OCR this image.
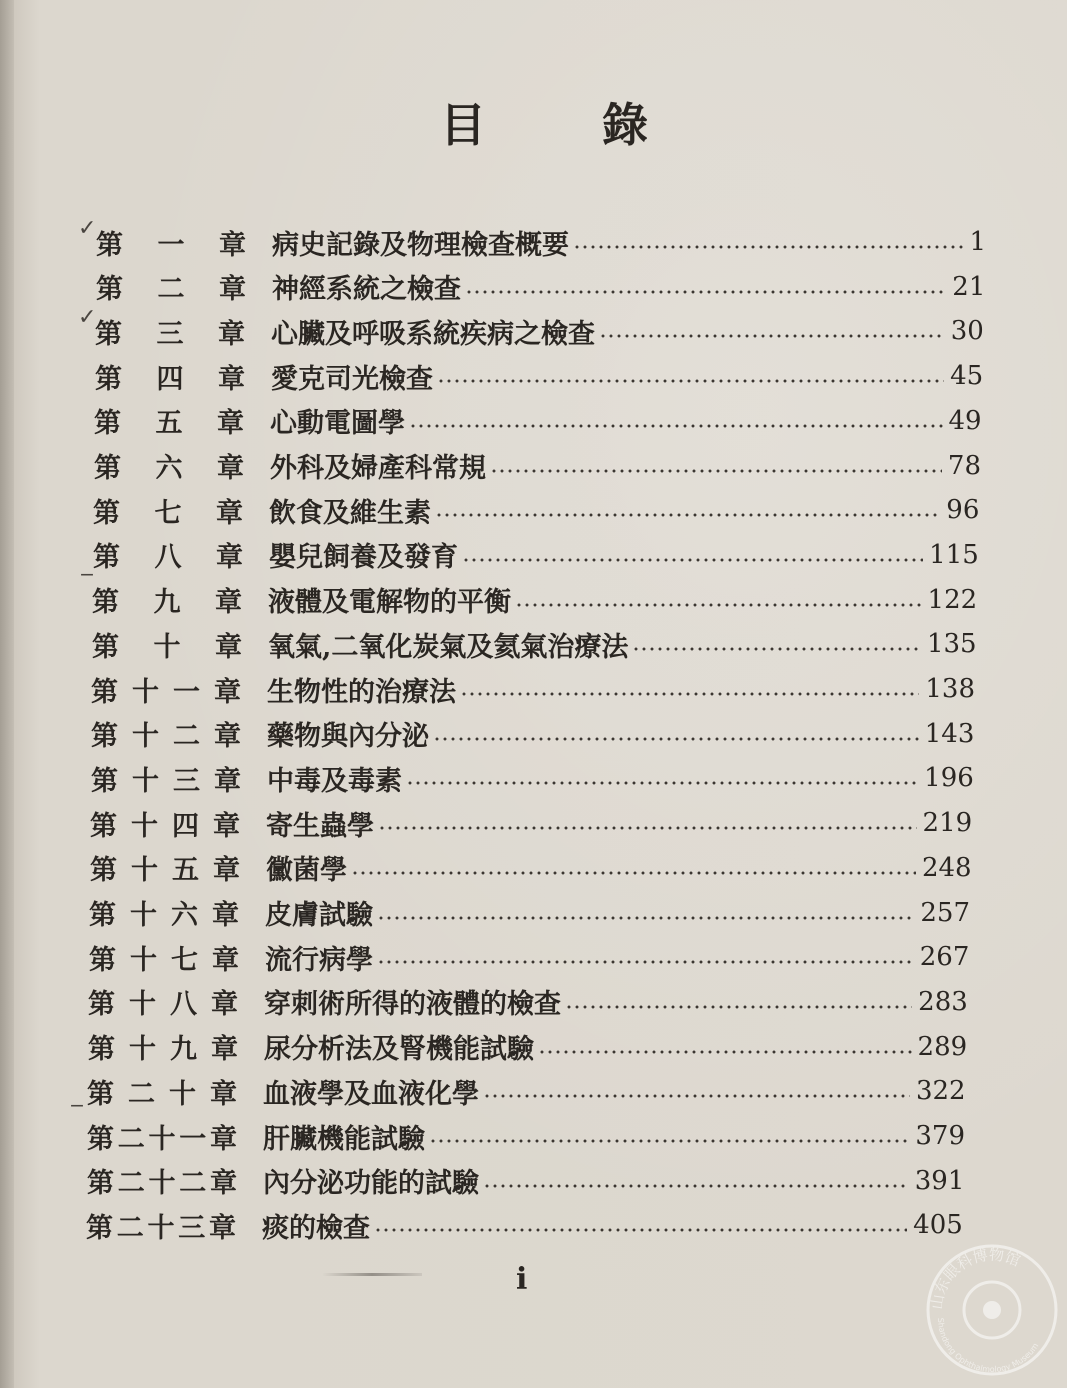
目 錄
第 一 章 病史記錄及物理檢查概要	1
第 二 章 神經系統之檢查	21
第 三 章 心臟及呼吸系統疾病之檢查	30
第 四 章 愛克司光檢查	45
第 五 章 心動電圖學	49
第 六 章 外科及婦產科常規	78
第 七 章 飲食及維生素	96
第 八 章 嬰兒飼養及發育	115
第 九 章 液體及電解物的平衡	122
第 十 章 氧氣,二氧化炭氣及氦氣治療法	135
第 十 一 章 生物性的治療法	138
第 十 二 章 藥物與內分泌	143
第 十 三 章 中毒及毒素	196
第 十 四 章 寄生蟲學	219
第 十 五 章 黴菌學	248
第 十 六 章 皮膚試驗	257
第 十 七 章 流行病學	267
第 十 八 章 穿刺術所得的液體的檢查	283
第 十 九 章 尿分析法及腎機能試驗	289
第 二 十 章 血液學及血液化學	322
第 二 十 一 章 肝臟機能試驗	379
第 二 十 二 章 內分泌功能的試驗	391
第 二 十 三 章 痰的檢查	405
✓
✓
‒
‒
i
山东眼科博物馆
Shandong Ophthalmology Museum
